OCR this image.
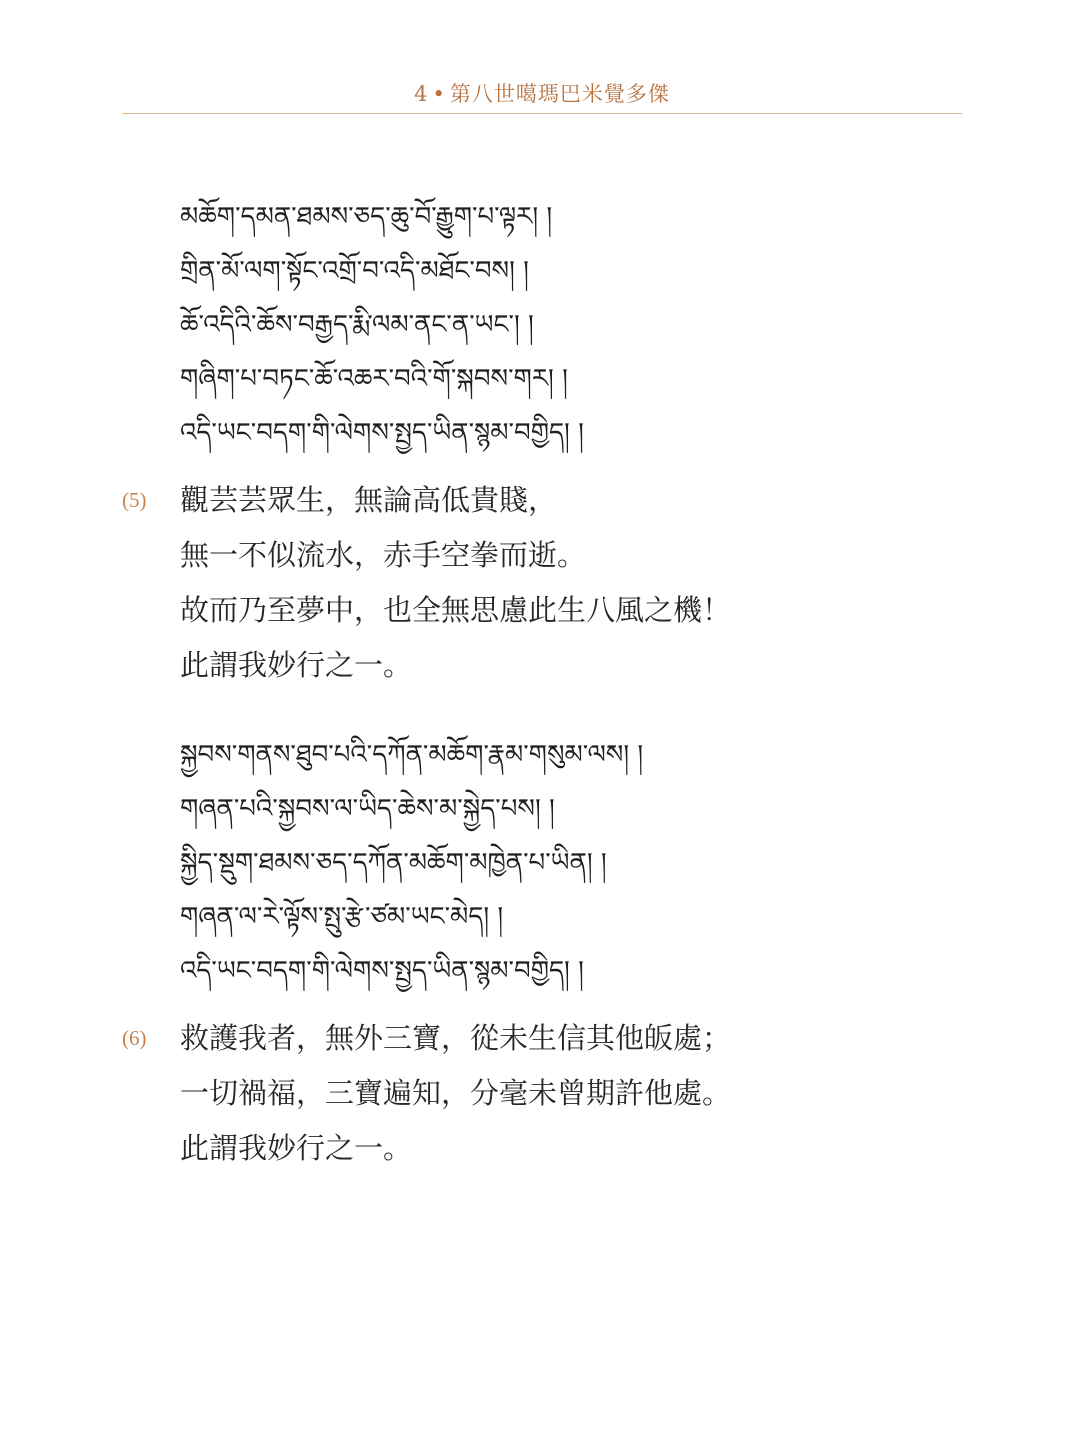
4 • 第八世噶瑪巴米覺多傑
མཆོག་དམན་ཐམས་ཅད་ཆུ་བོ་རྒྱུག་པ་ལྟར། །
གྲིན་མོ་ལག་སྟོང་འགྲོ་བ་འདི་མཐོང་བས། །
ཆོ་འདིའི་ཆོས་བརྒྱད་རྨི་ལམ་ནང་ན་ཡང་། །
གཞིག་པ་བཏང་ཆོ་འཆར་བའི་གོ་སྐབས་གར། །
འདི་ཡང་བདག་གི་ལེགས་སྤྱད་ཡིན་སྙམ་བགྱིད། །
(5) 觀芸芸眾生，無論高低貴賤，
無一不似流水，赤手空拳而逝。
故而乃至夢中，也全無思慮此生八風之機！
此謂我妙行之一。
སྐྱབས་གནས་ཐུབ་པའི་དཀོན་མཆོག་རྣམ་གསུམ་ལས། །
གཞན་པའི་སྐྱབས་ལ་ཡིད་ཆེས་མ་སྐྱེད་པས། །
སྐྱིད་སྡུག་ཐམས་ཅད་དཀོན་མཆོག་མཁྱེན་པ་ཡིན། །
གཞན་ལ་རེ་ལྟོས་སྤུ་རྩེ་ཙམ་ཡང་མེད། །
འདི་ཡང་བདག་གི་ལེགས་སྤྱད་ཡིན་སྙམ་བགྱིད། །
(6) 救護我者，無外三寶，從未生信其他皈處；
一切禍福，三寶遍知，分毫未曾期許他處。
此謂我妙行之一。
